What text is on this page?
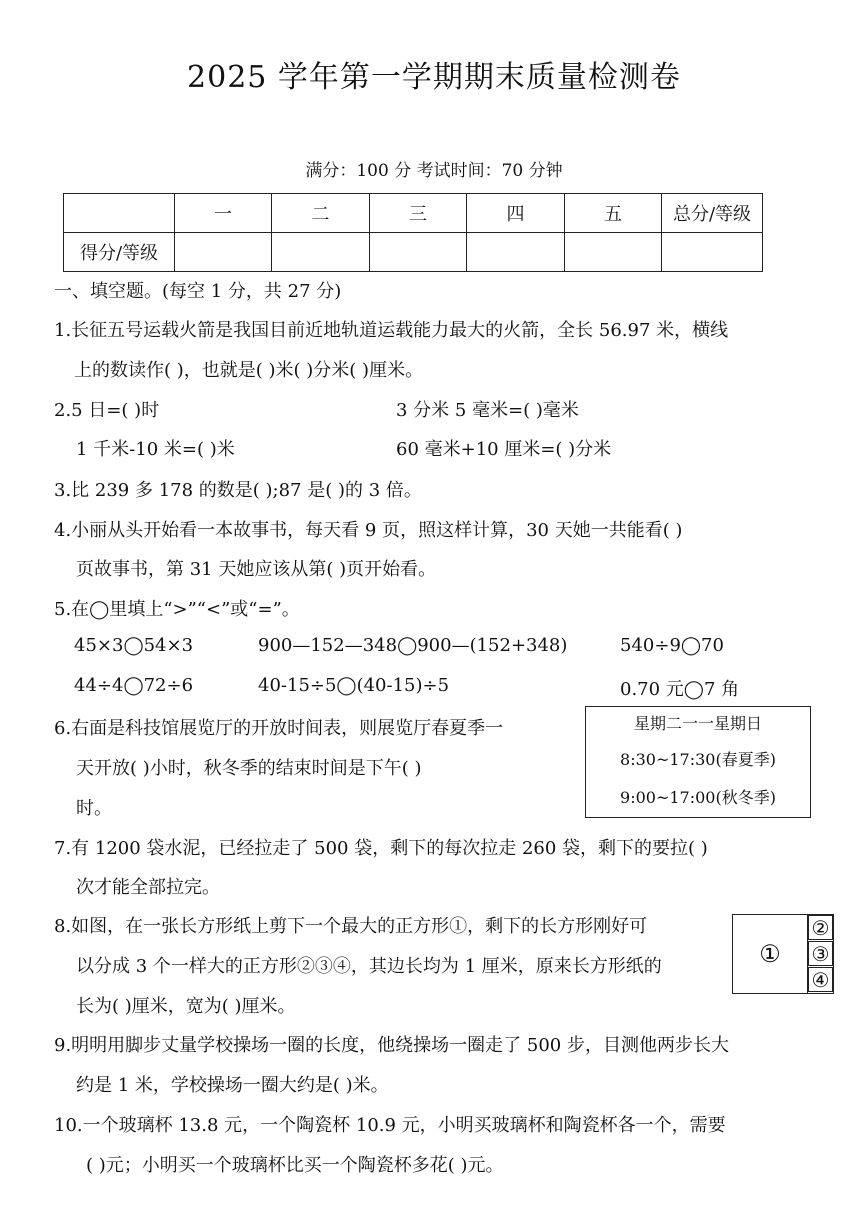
2025 学年第一学期期末质量检测卷
满分：100 分 考试时间：70 分钟
	一	二	三	四	五	总分/等级
得分/等级						
一、填空题。(每空 1 分，共 27 分)
1.长征五号运载火箭是我国目前近地轨道运载能力最大的火箭，全长 56.97 米，横线
上的数读作( )，也就是( )米( )分米( )厘米。
2.5 日=( )时	3 分米 5 毫米=( )毫米
1 千米-10 米=( )米	60 毫米+10 厘米=( )分米
3.比 239 多 178 的数是( );87 是( )的 3 倍。
4.小丽从头开始看一本故事书，每天看 9 页，照这样计算，30 天她一共能看( )
页故事书，第 31 天她应该从第( )页开始看。
5.在◯里填上“>”“<”或“=”。
45×3◯54×3	900—152—348◯900—(152+348)	540÷9◯70
44÷4◯72÷6	40-15÷5◯(40-15)÷5	0.70 元◯7 角
6.右面是科技馆展览厅的开放时间表，则展览厅春夏季一
天开放( )小时，秋冬季的结束时间是下午( )
时。
星期二一一星期日
8:30~17:30(春夏季)
9:00~17:00(秋冬季)
7.有 1200 袋水泥，已经拉走了 500 袋，剩下的每次拉走 260 袋，剩下的要拉( )
次才能全部拉完。
8.如图，在一张长方形纸上剪下一个最大的正方形①，剩下的长方形刚好可
以分成 3 个一样大的正方形②③④，其边长均为 1 厘米，原来长方形纸的
长为( )厘米，宽为( )厘米。
①
②
③
④
9.明明用脚步丈量学校操场一圈的长度，他绕操场一圈走了 500 步，目测他两步长大
约是 1 米，学校操场一圈大约是( )米。
10.一个玻璃杯 13.8 元，一个陶瓷杯 10.9 元，小明买玻璃杯和陶瓷杯各一个，需要
( )元；小明买一个玻璃杯比买一个陶瓷杯多花( )元。
